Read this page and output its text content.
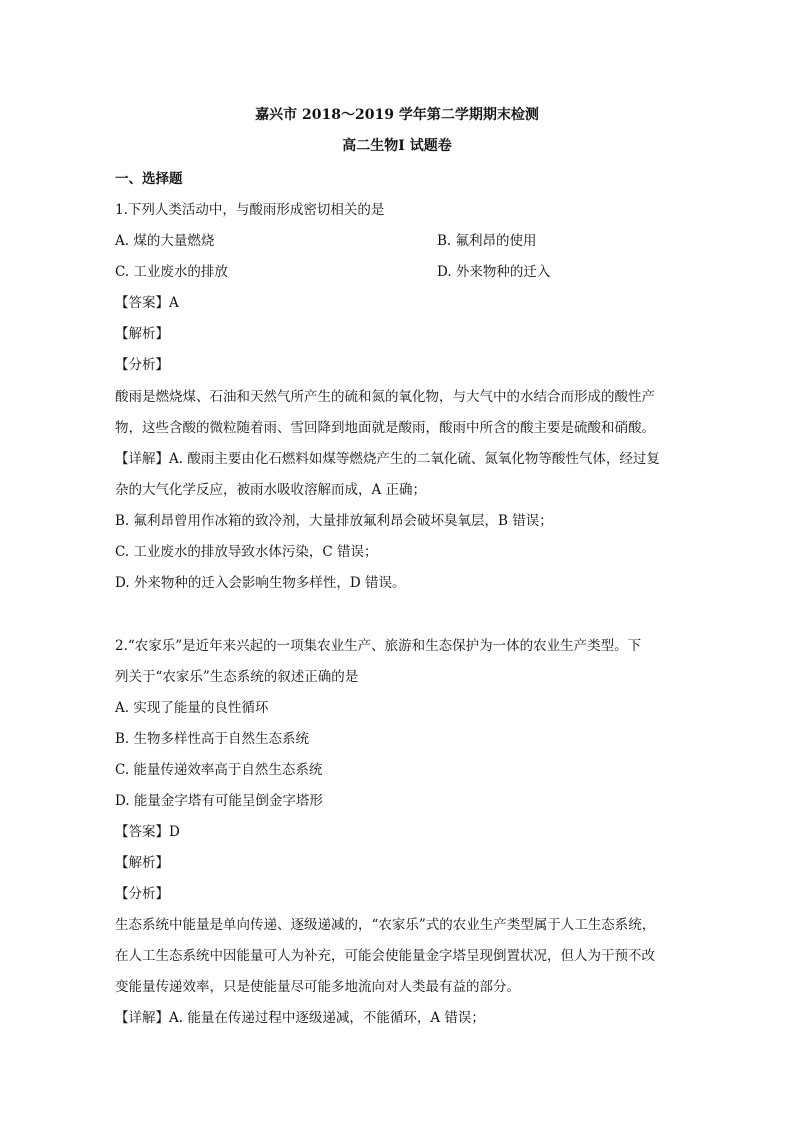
嘉兴市 2018～2019 学年第二学期期末检测
高二生物Ⅰ 试题卷
一、选择题
1.下列人类活动中，与酸雨形成密切相关的是
A. 煤的大量燃烧	B. 氟利昂的使用
C. 工业废水的排放	D. 外来物种的迁入
【答案】A
【解析】
【分析】
酸雨是燃烧煤、石油和天然气所产生的硫和氮的氧化物，与大气中的水结合而形成的酸性产
物，这些含酸的微粒随着雨、雪回降到地面就是酸雨，酸雨中所含的酸主要是硫酸和硝酸。
【详解】A. 酸雨主要由化石燃料如煤等燃烧产生的二氧化硫、氮氧化物等酸性气体，经过复
杂的大气化学反应，被雨水吸收溶解而成，A 正确；
B. 氟利昂曾用作冰箱的致冷剂，大量排放氟利昂会破坏臭氧层，B 错误；
C. 工业废水的排放导致水体污染，C 错误；
D. 外来物种的迁入会影响生物多样性，D 错误。
2.“农家乐”是近年来兴起的一项集农业生产、旅游和生态保护为一体的农业生产类型。下
列关于“农家乐”生态系统的叙述正确的是
A. 实现了能量的良性循环
B. 生物多样性高于自然生态系统
C. 能量传递效率高于自然生态系统
D. 能量金字塔有可能呈倒金字塔形
【答案】D
【解析】
【分析】
生态系统中能量是单向传递、逐级递减的，“农家乐”式的农业生产类型属于人工生态系统，
在人工生态系统中因能量可人为补充，可能会使能量金字塔呈现倒置状况，但人为干预不改
变能量传递效率，只是使能量尽可能多地流向对人类最有益的部分。
【详解】A. 能量在传递过程中逐级递减，不能循环，A 错误；
